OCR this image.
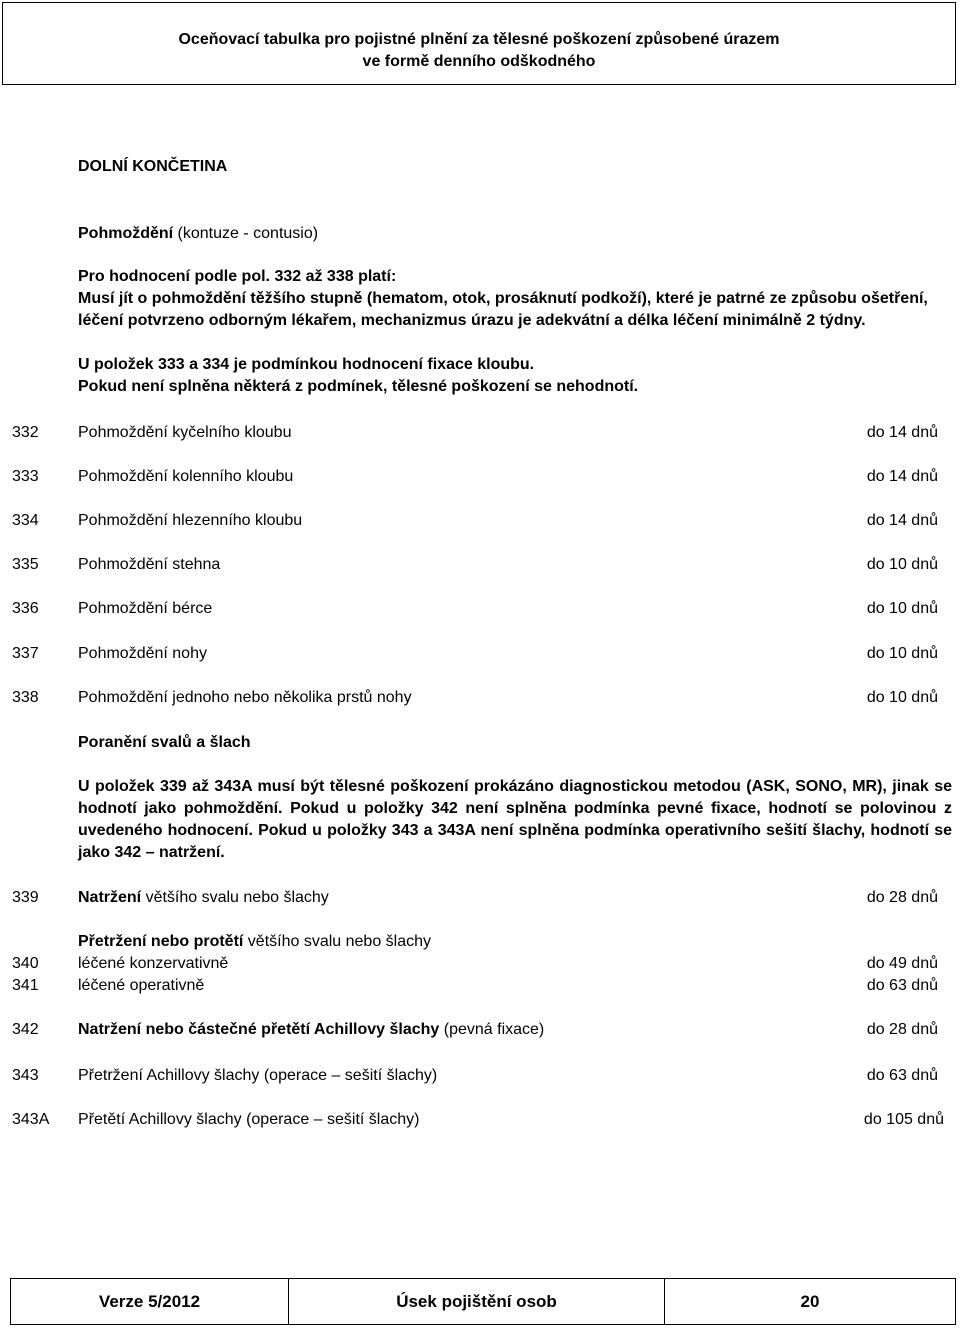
Oceňovací tabulka pro pojistné plnění za tělesné poškození způsobené úrazem
ve formě denního odškodného
DOLNÍ KONČETINA
Pohmoždění (kontuze - contusio)
Pro hodnocení podle pol. 332 až 338 platí:
Musí jít o pohmoždění těžšího stupně (hematom, otok, prosáknutí podkoží), které je patrné ze způsobu ošetření, léčení potvrzeno odborným lékařem, mechanizmus úrazu je adekvátní a délka léčení minimálně 2 týdny.
U položek 333 a 334 je podmínkou hodnocení fixace kloubu.
Pokud není splněna některá z podmínek, tělesné poškození se nehodnotí.
332 Pohmoždění kyčelního kloubu	do 14 dnů
333 Pohmoždění kolenního kloubu	do 14 dnů
334 Pohmoždění hlezenního kloubu	do 14 dnů
335 Pohmoždění stehna	do 10 dnů
336 Pohmoždění bérce	do 10 dnů
337 Pohmoždění nohy	do 10 dnů
338 Pohmoždění jednoho nebo několika prstů nohy	do 10 dnů
Poranění svalů a šlach
U položek 339 až 343A musí být tělesné poškození prokázáno diagnostickou metodou (ASK, SONO, MR), jinak se hodnotí jako pohmoždění. Pokud u položky 342 není splněna podmínka pevné fixace, hodnotí se polovinou z uvedeného hodnocení. Pokud u položky 343 a 343A není splněna podmínka operativního sešití šlachy, hodnotí se jako 342 – natržení.
339 Natržení většího svalu nebo šlachy	do 28 dnů
Přetržení nebo protětí většího svalu nebo šlachy
340 léčené konzervativně	do 49 dnů
341 léčené operativně	do 63 dnů
342 Natržení nebo částečné přetětí Achillovy šlachy (pevná fixace)	do 28 dnů
343 Přetržení Achillovy šlachy (operace – sešití šlachy)	do 63 dnů
343A Přetětí Achillovy šlachy (operace – sešití šlachy)	do 105 dnů
Verze 5/2012	Úsek pojištění osob	20
